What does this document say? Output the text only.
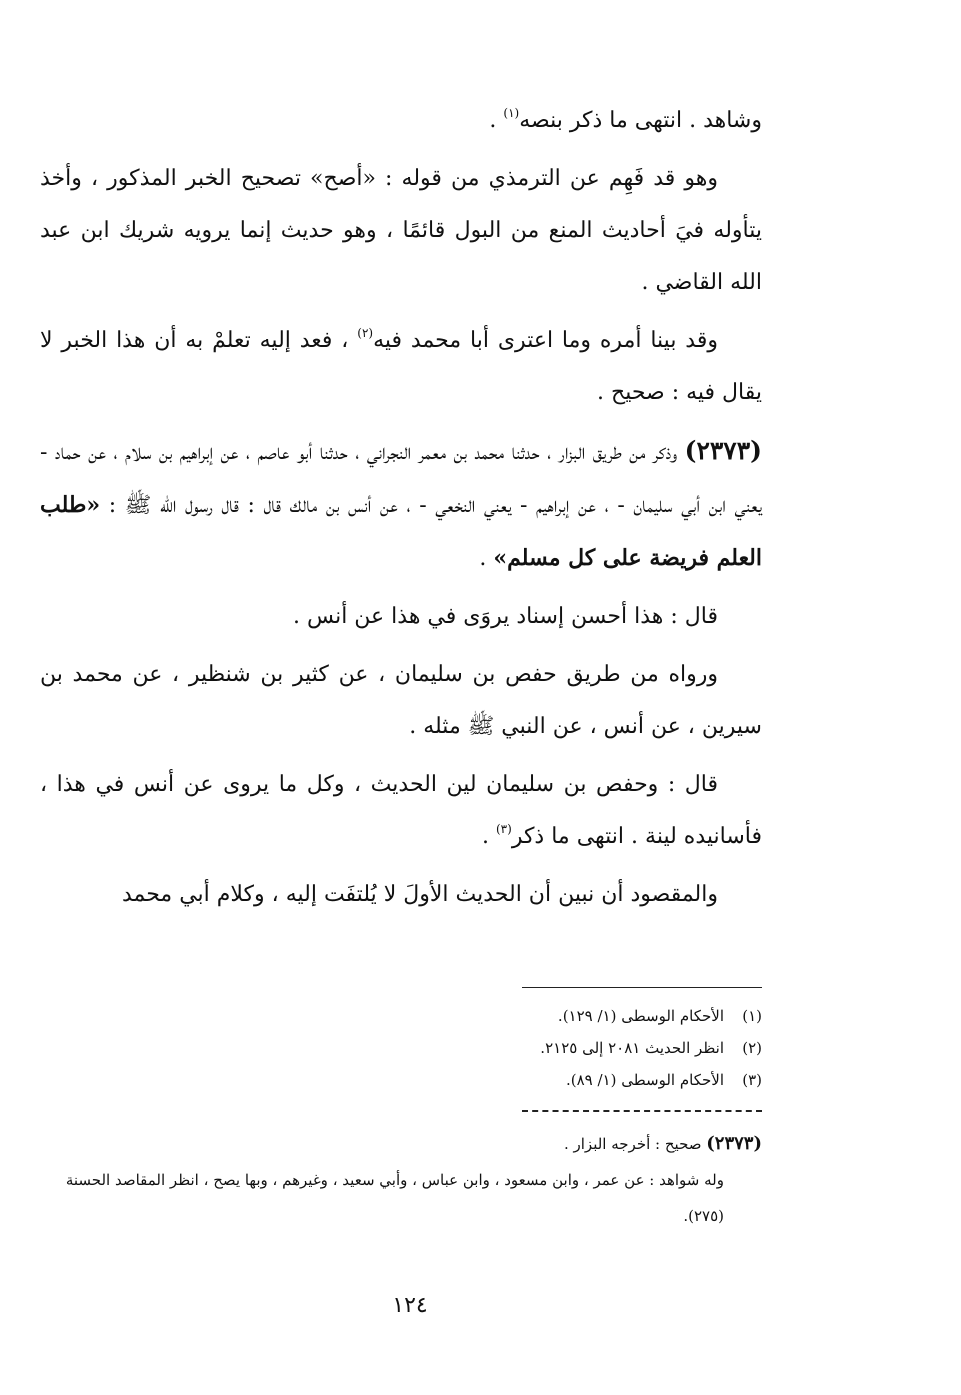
وشاهد . انتهى ما ذكر بنصه$^{(١)}$ .

وهو قد فَهِم عن الترمذي من قوله : «أصح» تصحيح الخبر المذكور ، وأخذ يتأوله فيَ أحاديث المنع من البول قائمًا ، وهو حديث إنما يرويه شريك ابن عبد الله القاضي .

وقد بينا أمره وما اعترى أبا محمد فيه$^{(٢)}$ ، فعد إليه تعلمْ به أن هذا الخبر لا يقال فيه : صحيح .

(٢٣٧٣) وذكر من طريق البزار ، حدثنا محمد بن معمر النجراني ، حدثنا أبو عاصم ، عن إبراهيم بن سلام ، عن حماد - يعني ابن أبي سليمان - ، عن إبراهيم - يعني النخعي - ، عن أنس بن مالك قال : قال رسول الله ﷺ : «طلب العلم فريضة على كل مسلم» .

قال : هذا أحسن إسناد يروَى في هذا عن أنس .

ورواه من طريق حفص بن سليمان ، عن كثير بن شنظير ، عن محمد بن سيرين ، عن أنس ، عن النبي ﷺ مثله .

قال : وحفص بن سليمان لين الحديث ، وكل ما يروى عن أنس في هذا ، فأسانيده لينة . انتهى ما ذكر$^{(٣)}$ .

والمقصود أن نبين أن الحديث الأولَ لا يُلتفَت إليه ، وكلام أبي محمد

(١)
الأحكام الوسطى (١/ ١٢٩).
(٢)
انظر الحديث ٢٠٨١ إلى ٢١٢٥.
(٣)
الأحكام الوسطى (١/ ٨٩).
(٢٣٧٣) صحيح : أخرجه البزار .
وله شواهد : عن عمر ، وابن مسعود ، وابن عباس ، وأبي سعيد ، وغيرهم ، وبها يصح ، انظر المقاصد الحسنة (٢٧٥).
١٢٤
